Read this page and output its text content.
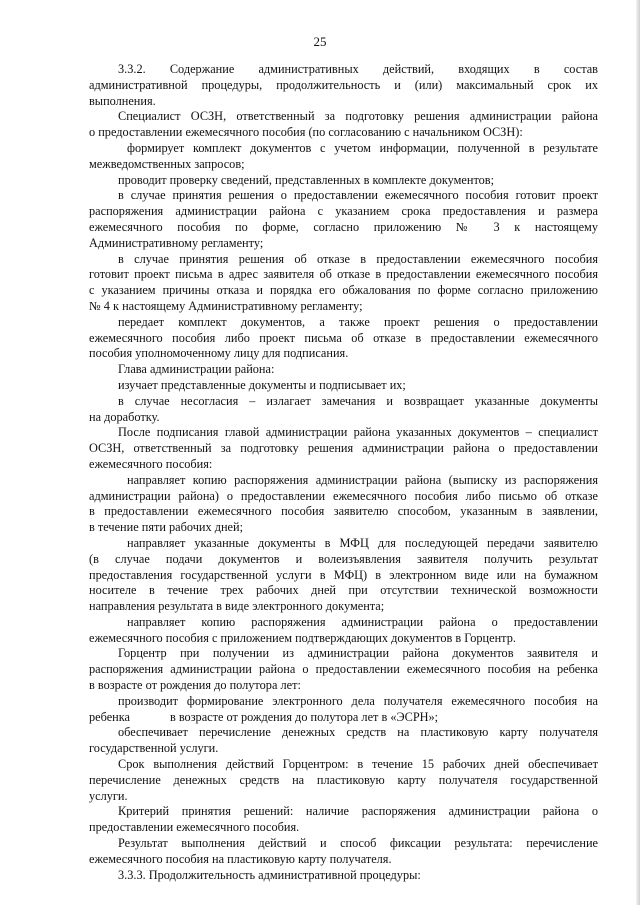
25
3.3.2. Содержание административных действий, входящих в состав
административной процедуры, продолжительность и (или) максимальный срок их
выполнения.
Специалист ОСЗН, ответственный за подготовку решения администрации района
о предоставлении ежемесячного пособия (по согласованию с начальником ОСЗН):
формирует комплект документов с учетом информации, полученной в результате
межведомственных запросов;
проводит проверку сведений, представленных в комплекте документов;
в случае принятия решения о предоставлении ежемесячного пособия готовит проект
распоряжения администрации района с указанием срока предоставления и размера
ежемесячного пособия по форме, согласно приложению № 3 к настоящему
Административному регламенту;
в случае принятия решения об отказе в предоставлении ежемесячного пособия
готовит проект письма в адрес заявителя об отказе в предоставлении ежемесячного пособия
с указанием причины отказа и порядка его обжалования по форме согласно приложению
№ 4 к настоящему Административному регламенту;
передает комплект документов, а также проект решения о предоставлении
ежемесячного пособия либо проект письма об отказе в предоставлении ежемесячного
пособия уполномоченному лицу для подписания.
Глава администрации района:
изучает представленные документы и подписывает их;
в случае несогласия – излагает замечания и возвращает указанные документы
на доработку.
После подписания главой администрации района указанных документов – специалист
ОСЗН, ответственный за подготовку решения администрации района о предоставлении
ежемесячного пособия:
направляет копию распоряжения администрации района (выписку из распоряжения
администрации района) о предоставлении ежемесячного пособия либо письмо об отказе
в предоставлении ежемесячного пособия заявителю способом, указанным в заявлении,
в течение пяти рабочих дней;
направляет указанные документы в МФЦ для последующей передачи заявителю
(в случае подачи документов и волеизъявления заявителя получить результат
предоставления государственной услуги в МФЦ) в электронном виде или на бумажном
носителе в течение трех рабочих дней при отсутствии технической возможности
направления результата в виде электронного документа;
направляет копию распоряжения администрации района о предоставлении
ежемесячного пособия с приложением подтверждающих документов в Горцентр.
Горцентр при получении из администрации района документов заявителя и
распоряжения администрации района о предоставлении ежемесячного пособия на ребенка
в возрасте от рождения до полутора лет:
производит формирование электронного дела получателя ежемесячного пособия на
ребенка             в возрасте от рождения до полутора лет в «ЭСРН»;
обеспечивает перечисление денежных средств на пластиковую карту получателя
государственной услуги.
Срок выполнения действий Горцентром: в течение 15 рабочих дней обеспечивает
перечисление денежных средств на пластиковую карту получателя государственной
услуги.
Критерий принятия решений: наличие распоряжения администрации района о
предоставлении ежемесячного пособия.
Результат выполнения действий и способ фиксации результата: перечисление
ежемесячного пособия на пластиковую карту получателя.
3.3.3. Продолжительность административной процедуры:
